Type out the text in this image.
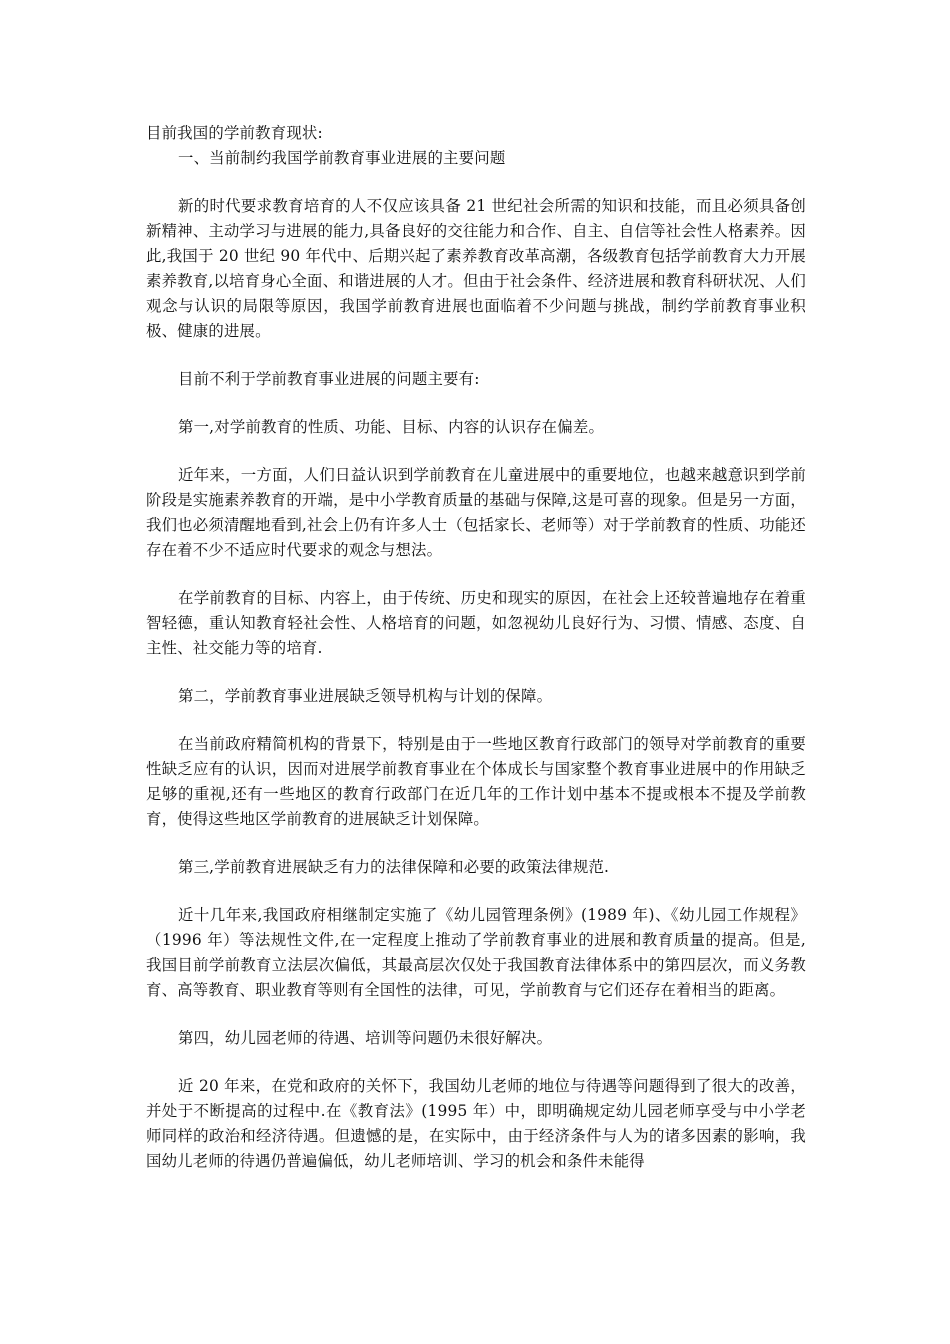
目前我国的学前教育现状:
一、当前制约我国学前教育事业进展的主要问题

新的时代要求教育培育的人不仅应该具备 21 世纪社会所需的知识和技能，而且必须具备创新精神、主动学习与进展的能力,具备良好的交往能力和合作、自主、自信等社会性人格素养。因此,我国于 20 世纪 90 年代中、后期兴起了素养教育改革高潮，各级教育包括学前教育大力开展素养教育,以培育身心全面、和谐进展的人才。但由于社会条件、经济进展和教育科研状况、人们观念与认识的局限等原因，我国学前教育进展也面临着不少问题与挑战，制约学前教育事业积极、健康的进展。

目前不利于学前教育事业进展的问题主要有:

第一,对学前教育的性质、功能、目标、内容的认识存在偏差。

近年来，一方面，人们日益认识到学前教育在儿童进展中的重要地位，也越来越意识到学前阶段是实施素养教育的开端，是中小学教育质量的基础与保障,这是可喜的现象。但是另一方面，我们也必须清醒地看到,社会上仍有许多人士（包括家长、老师等）对于学前教育的性质、功能还存在着不少不适应时代要求的观念与想法。

在学前教育的目标、内容上，由于传统、历史和现实的原因，在社会上还较普遍地存在着重智轻德，重认知教育轻社会性、人格培育的问题，如忽视幼儿良好行为、习惯、情感、态度、自主性、社交能力等的培育.

第二，学前教育事业进展缺乏领导机构与计划的保障。

在当前政府精简机构的背景下，特别是由于一些地区教育行政部门的领导对学前教育的重要性缺乏应有的认识，因而对进展学前教育事业在个体成长与国家整个教育事业进展中的作用缺乏足够的重视,还有一些地区的教育行政部门在近几年的工作计划中基本不提或根本不提及学前教育，使得这些地区学前教育的进展缺乏计划保障。

第三,学前教育进展缺乏有力的法律保障和必要的政策法律规范.

近十几年来,我国政府相继制定实施了《幼儿园管理条例》(1989 年)、《幼儿园工作规程》（1996 年）等法规性文件,在一定程度上推动了学前教育事业的进展和教育质量的提高。但是,我国目前学前教育立法层次偏低，其最高层次仅处于我国教育法律体系中的第四层次，而义务教育、高等教育、职业教育等则有全国性的法律，可见，学前教育与它们还存在着相当的距离。

第四，幼儿园老师的待遇、培训等问题仍未很好解决。

近 20 年来，在党和政府的关怀下，我国幼儿老师的地位与待遇等问题得到了很大的改善，并处于不断提高的过程中.在《教育法》(1995 年）中，即明确规定幼儿园老师享受与中小学老师同样的政治和经济待遇。但遗憾的是，在实际中，由于经济条件与人为的诸多因素的影响，我国幼儿老师的待遇仍普遍偏低，幼儿老师培训、学习的机会和条件未能得
